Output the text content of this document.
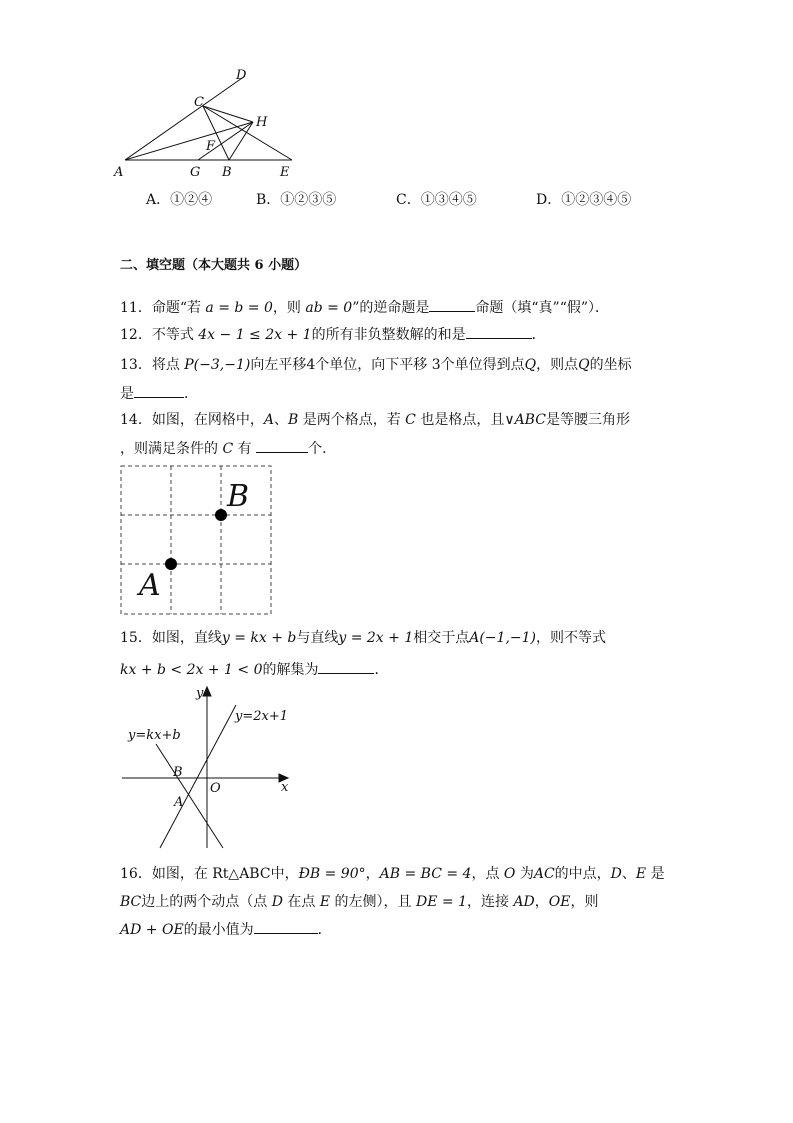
A	G B	E
C
D
H
F
A．①②④	B．①②③⑤	C．①③④⑤	D．①②③④⑤
二、填空题（本大题共 6 小题）
11．命题“若 a = b = 0，则 ab = 0”的逆命题是	命题（填“真”“假”）．
12．不等式 4x − 1 ≤ 2x + 1的所有非负整数解的和是	．
13．将点 P(−3,−1)向左平移4个单位，向下平移 3个单位得到点Q，则点Q的坐标
是	．
14．如图，在网格中，A、B 是两个格点，若 C 也是格点，且∨ABC是等腰三角形
，则满足条件的 C 有	个．
B
A
15．如图，直线y = kx + b与直线y = 2x + 1相交于点A(−1,−1)，则不等式
kx + b < 2x + 1 < 0的解集为	．
x
y
O
B
A
y=2x+1
y=kx+b
16．如图，在 Rt△ABC中，ÐB = 90°，AB = BC = 4，点 O 为AC的中点，D、E 是
BC边上的两个动点（点 D 在点 E 的左侧），且 DE = 1，连接 AD，OE，则
AD + OE的最小值为	．
